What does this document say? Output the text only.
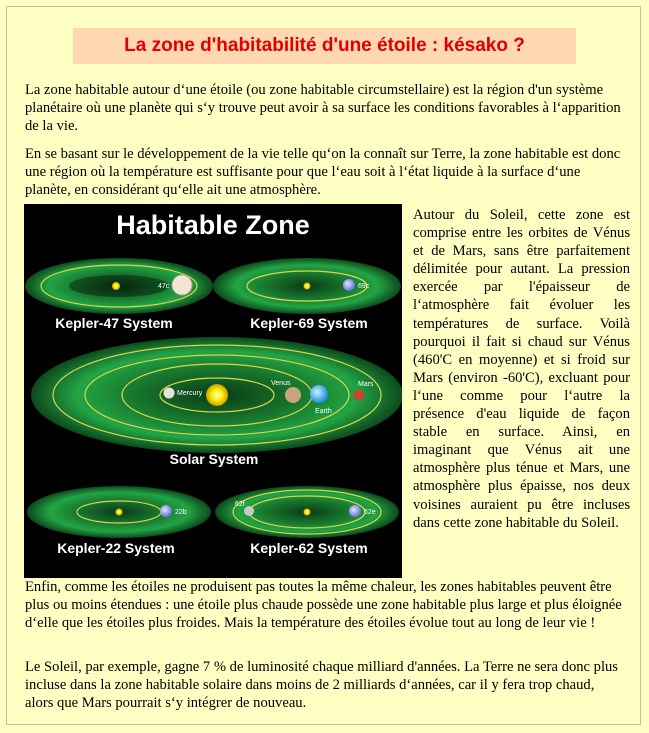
La zone d'habitabilité d'une étoile : késako ?

La zone habitable autour d‘une étoile (ou zone habitable circumstellaire) est la région d'un système planétaire où une planète qui s‘y trouve peut avoir à sa surface les conditions favorables à l‘apparition de la vie.

En se basant sur le développement de la vie telle qu‘on la connaît sur Terre, la zone habitable est donc une région où la température est suffisante pour que l‘eau soit à l‘état liquide à la surface d‘une planète, en considérant qu‘elle ait une atmosphère.

Habitable Zone
47c
Kepler-47 System
69c
Kepler-69 System
Mercury
Venus
Earth
Mars
Solar System
22b
Kepler-22 System
62f
62e
Kepler-62 System

Autour du Soleil, cette zone est comprise entre les orbites de Vénus et de Mars, sans être parfaitement délimitée pour autant. La pression exercée par l'épaisseur de l‘atmosphère fait évoluer les températures de surface. Voilà pourquoi il fait si chaud sur Vénus (460'C en moyenne) et si froid sur Mars (environ -60'C), excluant pour l‘une comme pour l‘autre la présence d'eau liquide de façon stable en surface. Ainsi, en imaginant que Vénus ait une atmosphère plus ténue et Mars, une atmosphère plus épaisse, nos deux voisines auraient pu être incluses dans cette zone habitable du Soleil.

Enfin, comme les étoiles ne produisent pas toutes la même chaleur, les zones habitables peuvent être plus ou moins étendues : une étoile plus chaude possède une zone habitable plus large et plus éloignée d‘elle que les étoiles plus froides. Mais la température des étoiles évolue tout au long de leur vie !

Le Soleil, par exemple, gagne 7 % de luminosité chaque milliard d'années. La Terre ne sera donc plus incluse dans la zone habitable solaire dans moins de 2 milliards d‘années, car il y fera trop chaud, alors que Mars pourrait s‘y intégrer de nouveau.
